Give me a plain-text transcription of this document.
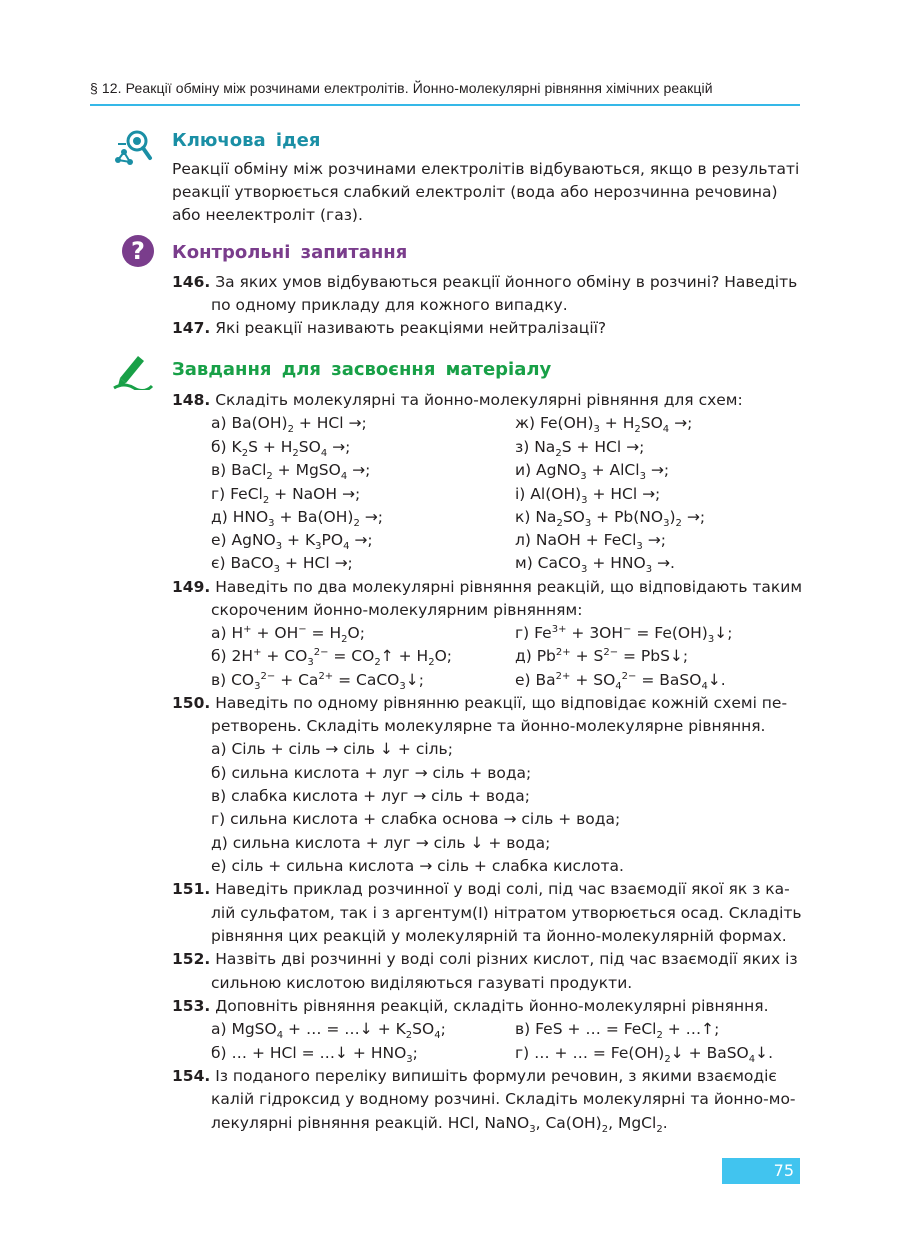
§ 12. Реакції обміну між розчинами електролітів. Йонно-молекулярні рівняння хімічних реакцій
Ключова ідея
Реакції обміну між розчинами електролітів відбуваються, якщо в результаті
реакції утворюється слабкий електроліт (вода або нерозчинна речовина)
або неелектроліт (газ).
? Контрольні запитання
146. За яких умов відбуваються реакції йонного обміну в розчині? Наведіть
по одному прикладу для кожного випадку.
147. Які реакції називають реакціями нейтралізації?
Завдання для засвоєння матеріалу
148. Складіть молекулярні та йонно-молекулярні рівняння для схем:
а) $Ba(OH)_2$ + HCl →;	ж) $Fe(OH)_3 + H_2SO_4$ →;
б) $K_2S + H_2SO_4$ →;	з) $Na_2S$ + HCl →;
в) BaCl$_2$ + MgSO$_4$ →;	и) AgNO$_3$ + AlCl$_3$ →;
г) FeCl$_2$ + NaOH →;	і) $Al(OH)_3$ + HCl →;
д) $HNO_3 + Ba(OH)_2$ →;	к) $Na_2SO_3 + Pb(NO_3)_2$ →;
е) AgNO$_3$ + $K_3PO_4$ →;	л) NaOH + FeCl$_3$ →;
є) BaCO$_3$ + HCl →;	м) CaCO$_3$ + $HNO_3$ →.
149. Наведіть по два молекулярні рівняння реакцій, що відповідають таким
скороченим йонно-молекулярним рівнянням:
а) $H^+ + OH^- = H_2O$;	г) $Fe^{3+} + 3OH^-$ = $Fe(OH)_3↓$;
б) $2H^+ + CO_3^{2-}$ = $CO_2↑ + H_2O$;	д) $Pb^{2+} + S^{2-}$ = PbS↓;
в) $CO_3^{2-} + Ca^{2+}$ = CaCO$_3$↓;	е) $Ba^{2+} + SO_4^{2-}$ = BaSO$_4$↓.
150. Наведіть по одному рівнянню реакції, що відповідає кожній схемі пе-
ретворень. Складіть молекулярне та йонно-молекулярне рівняння.
а) Сіль + сіль → сіль ↓ + сіль;
б) сильна кислота + луг → сіль + вода;
в) слабка кислота + луг → сіль + вода;
г) сильна кислота + слабка основа → сіль + вода;
д) сильна кислота + луг → сіль ↓ + вода;
е) сіль + сильна кислота → сіль + слабка кислота.
151. Наведіть приклад розчинної у воді солі, під час взаємодії якої як з ка-
лій сульфатом, так і з аргентум(І) нітратом утворюється осад. Складіть
рівняння цих реакцій у молекулярній та йонно-молекулярній формах.
152. Назвіть дві розчинні у воді солі різних кислот, під час взаємодії яких із
сильною кислотою виділяються газуваті продукти.
153. Доповніть рівняння реакцій, складіть йонно-молекулярні рівняння.
а) MgSO$_4$ + … = …↓ + $K_2SO_4$;	в) FeS + … = FeCl$_2$ + …↑;
б) … + HCl = …↓ + $HNO_3$;	г) … + … = $Fe(OH)_2↓$ + BaSO$_4$↓.
154. Із поданого переліку випишіть формули речовин, з якими взаємодіє
калій гідроксид у водному розчині. Складіть молекулярні та йонно-мо-
лекулярні рівняння реакцій. HCl, NaNO$_3$, $Ca(OH)_2$, MgCl$_2$.
75
